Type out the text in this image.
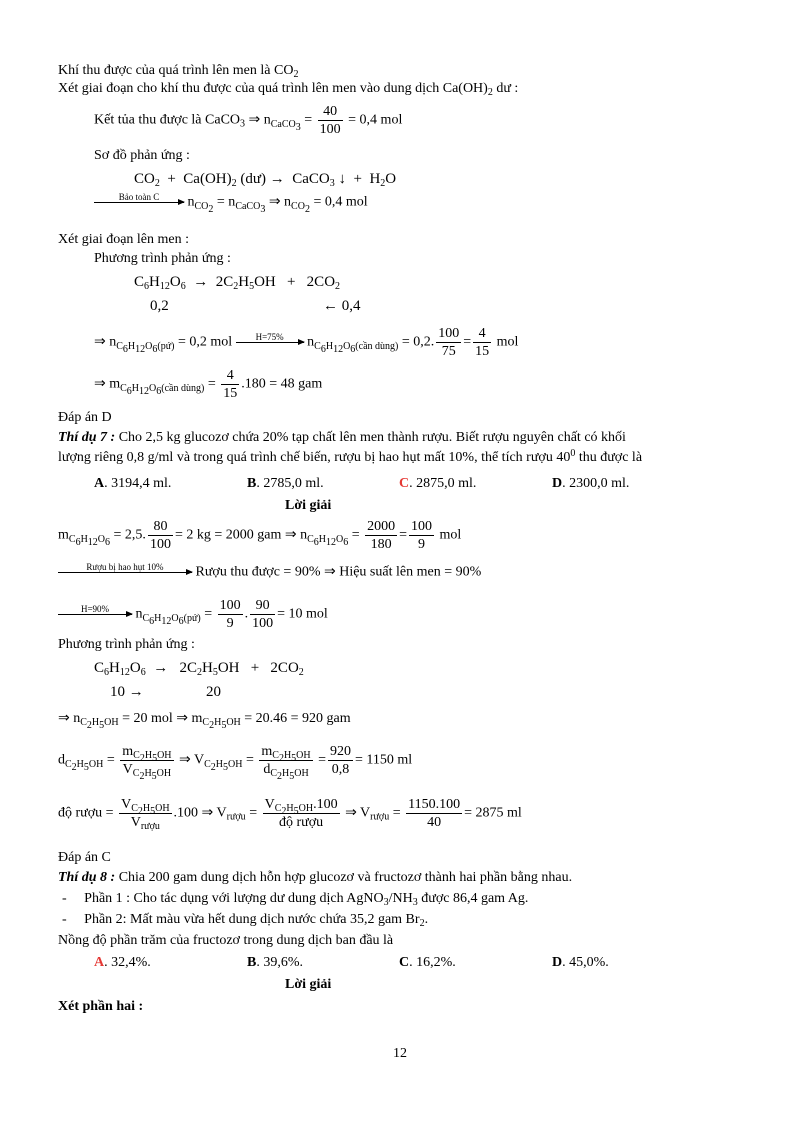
Khí thu được của quá trình lên men là $CO_2$
Xét giai đoạn cho khí thu được của quá trình lên men vào dung dịch $Ca(OH)_2$ dư :
Kết tủa thu được là CaCO$_3$ ⇒ $n_{CaCO_3} = \frac{40}{100} = 0,4$ mol
Sơ đồ phản ứng :
$CO_2 + Ca(OH)_2$ (dư) →  CaCO$_3$ ↓  +  $H_2O$
Bảo toàn C	$n_{CO_2} = n_{CaCO_3}$ ⇒ $n_{CO_2} = 0,4$ mol
Xét giai đoạn lên men :
Phương trình phản ứng :
$C_6H_{12}O_6 \to 2C_2H_5OH + 2CO_2$
0,2	← 0,4
⇒ $n_{C_6H_{12}O_6(pứ)} = 0,2$ mol	H=75%	$n_{C_6H_{12}O_6(cần dùng)} = 0,2$. $\frac{100}{75} = \frac{4}{15}$ mol
⇒ $m_{C_6H_{12}O_6(cần dùng)} = \frac{4}{15} .180 = 48$ gam
Đáp án D
Thí dụ 7 : Cho 2,5 kg glucozơ chứa 20% tạp chất lên men thành rượu. Biết rượu nguyên chất có khối
lượng riêng 0,8 g/ml và trong quá trình chế biến, rượu bị hao hụt mất 10%, thể tích rượu $40^0$ thu được là
A. 3194,4 ml.	B. 2785,0 ml.	C. 2875,0 ml.	D. 2300,0 ml.
Lời giải
$m_{C_6H_{12}O_6} = 2,5$. $\frac{80}{100} = 2$ kg = 2000 gam ⇒ $n_{C_6H_{12}O_6} = \frac{2000}{180} = \frac{100}{9}$ mol
Rượu bị hao hụt 10%	Rượu thu được = 90% ⇒ Hiệu suất lên men = 90%
H=90%	$n_{C_6H_{12}O_6(pứ)} = \frac{100}{9}$ . $\frac{90}{100} = 10$ mol
Phương trình phản ứng :
$C_6H_{12}O_6 \to 2C_2H_5OH + 2CO_2$
10 →	20
⇒ $n_{C_2H_5OH} = 20$ mol ⇒ $m_{C_2H_5OH} = 20.46 = 920$ gam
$d_{C_2H_5OH} = \frac{m_{C_2H_5OH}}{V_{C_2H_5OH}}$ ⇒ $V_{C_2H_5OH} = \frac{m_{C_2H_5OH}}{d_{C_2H_5OH}} = \frac{920}{0,8} = 1150$ ml
độ rượu = $\frac{V_{C_2H_5OH}}{V_{rượu}} .100$ ⇒ $V_{rượu} = \frac{V_{C_2H_5OH}.100}{\text{độ rượu}}$ ⇒ $V_{rượu} = \frac{1150.100}{40} = 2875$ ml
Đáp án C
Thí dụ 8 : Chia 200 gam dung dịch hỗn hợp glucozơ và fructozơ thành hai phần bằng nhau.
-     Phần 1 : Cho tác dụng với lượng dư dung dịch $AgNO_3/NH_3$ được 86,4 gam Ag.
-     Phần 2: Mất màu vừa hết dung dịch nước chứa 35,2 gam $Br_2$.
Nồng độ phần trăm của fructozơ trong dung dịch ban đầu là
A. 32,4%.	B. 39,6%.	C. 16,2%.	D. 45,0%.
Lời giải
Xét phần hai :
12
